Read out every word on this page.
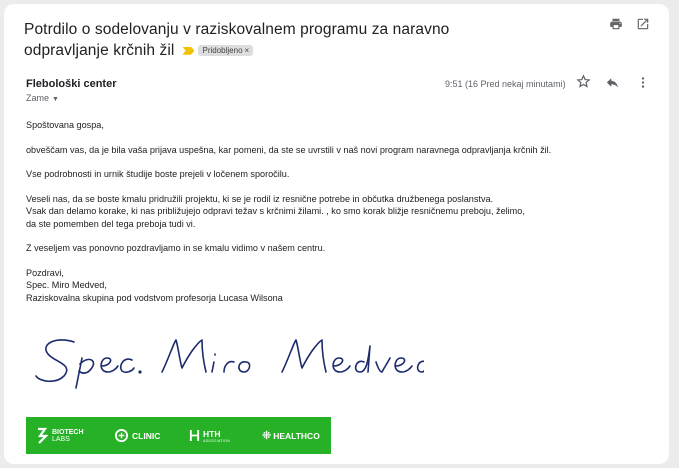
Potrdilo o sodelovanju v raziskovalnem programu za naravno odpravljanje krčnih žil	Pridobljeno ×
Flebološki center
Zame ▼
9:51 (16 Pred nekaj minutami)

Spoštovana gospa,

obveščam vas, da je bila vaša prijava uspešna, kar pomeni, da ste se uvrstili v naš novi program naravnega odpravljanja krčnih žil.

Vse podrobnosti in urnik študije boste prejeli v ločenem sporočilu.

Veseli nas, da se boste kmalu pridružili projektu, ki se je rodil iz resnične potrebe in občutka družbenega poslanstva.
Vsak dan delamo korake, ki nas približujejo odpravi težav s krčnimi žilami. , ko smo korak bližje resničnemu preboju, želimo,
da ste pomemben del tega preboja tudi vi.

Z veseljem vas ponovno pozdravljamo in se kmalu vidimo v našem centru.

Pozdravi,
Spec. Miro Medved,
Raziskovalna skupina pod vodstvom profesorja Lucasa Wilsona

BIOTECH
LABS	CLINIC	HTH
ASSOCIATION	⁜ HEALTHCO
